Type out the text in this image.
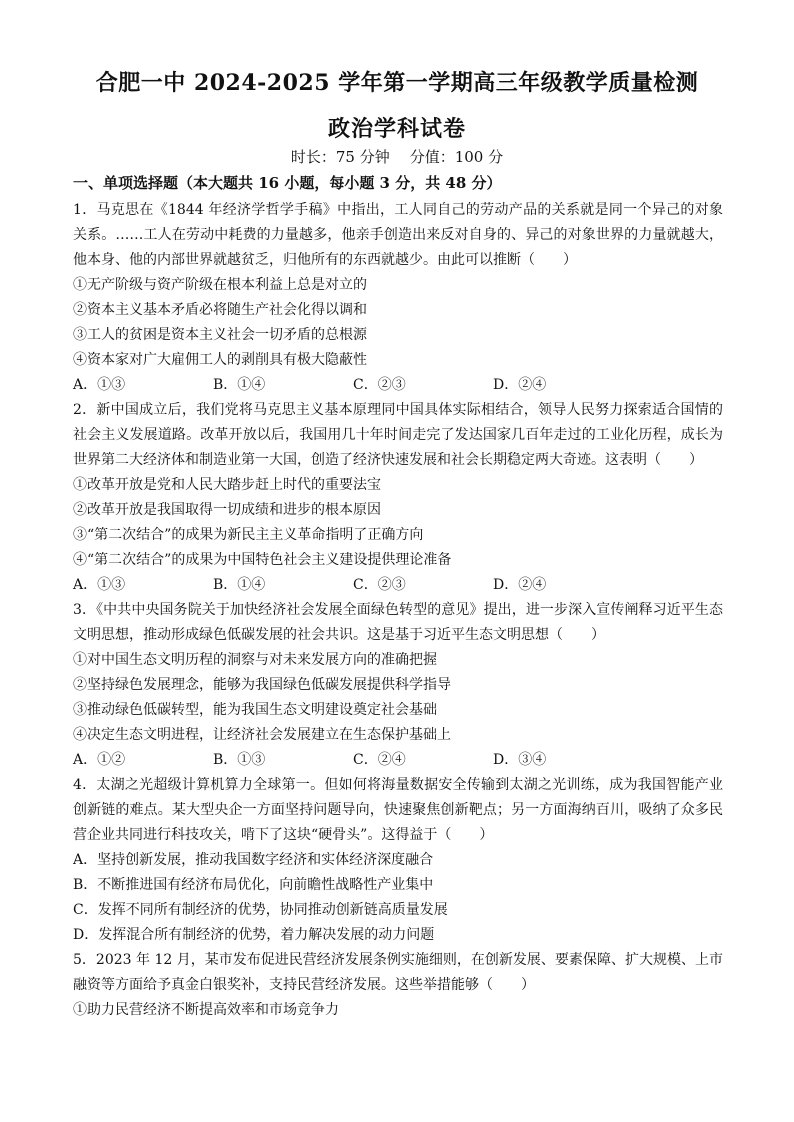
合肥一中 2024-2025 学年第一学期高三年级教学质量检测
政治学科试卷
时长：75 分钟 分值：100 分
一、单项选择题（本大题共 16 小题，每小题 3 分，共 48 分）
1．马克思在《1844 年经济学哲学手稿》中指出，工人同自己的劳动产品的关系就是同一个异己的对象关系。……工人在劳动中耗费的力量越多，他亲手创造出来反对自身的、异己的对象世界的力量就越大，他本身、他的内部世界就越贫乏，归他所有的东西就越少。由此可以推断（　　）
①无产阶级与资产阶级在根本利益上总是对立的
②资本主义基本矛盾必将随生产社会化得以调和
③工人的贫困是资本主义社会一切矛盾的总根源
④资本家对广大雇佣工人的剥削具有极大隐蔽性
A．①③	B．①④	C．②③	D．②④
2．新中国成立后，我们党将马克思主义基本原理同中国具体实际相结合，领导人民努力探索适合国情的社会主义发展道路。改革开放以后，我国用几十年时间走完了发达国家几百年走过的工业化历程，成长为世界第二大经济体和制造业第一大国，创造了经济快速发展和社会长期稳定两大奇迹。这表明（　　）
①改革开放是党和人民大踏步赶上时代的重要法宝
②改革开放是我国取得一切成绩和进步的根本原因
③“第二次结合”的成果为新民主主义革命指明了正确方向
④“第二次结合”的成果为中国特色社会主义建设提供理论准备
A．①③	B．①④	C．②③	D．②④
3．《中共中央国务院关于加快经济社会发展全面绿色转型的意见》提出，进一步深入宣传阐释习近平生态文明思想，推动形成绿色低碳发展的社会共识。这是基于习近平生态文明思想（　　）
①对中国生态文明历程的洞察与对未来发展方向的准确把握
②坚持绿色发展理念，能够为我国绿色低碳发展提供科学指导
③推动绿色低碳转型，能为我国生态文明建设奠定社会基础
④决定生态文明进程，让经济社会发展建立在生态保护基础上
A．①②	B．①③	C．②④	D．③④
4．太湖之光超级计算机算力全球第一。但如何将海量数据安全传输到太湖之光训练，成为我国智能产业创新链的难点。某大型央企一方面坚持问题导向，快速聚焦创新靶点；另一方面海纳百川，吸纳了众多民营企业共同进行科技攻关，啃下了这块“硬骨头”。这得益于（　　）
A．坚持创新发展，推动我国数字经济和实体经济深度融合
B．不断推进国有经济布局优化，向前瞻性战略性产业集中
C．发挥不同所有制经济的优势，协同推动创新链高质量发展
D．发挥混合所有制经济的优势，着力解决发展的动力问题
5．2023 年 12 月，某市发布促进民营经济发展条例实施细则，在创新发展、要素保障、扩大规模、上市融资等方面给予真金白银奖补，支持民营经济发展。这些举措能够（　　）
①助力民营经济不断提高效率和市场竞争力
